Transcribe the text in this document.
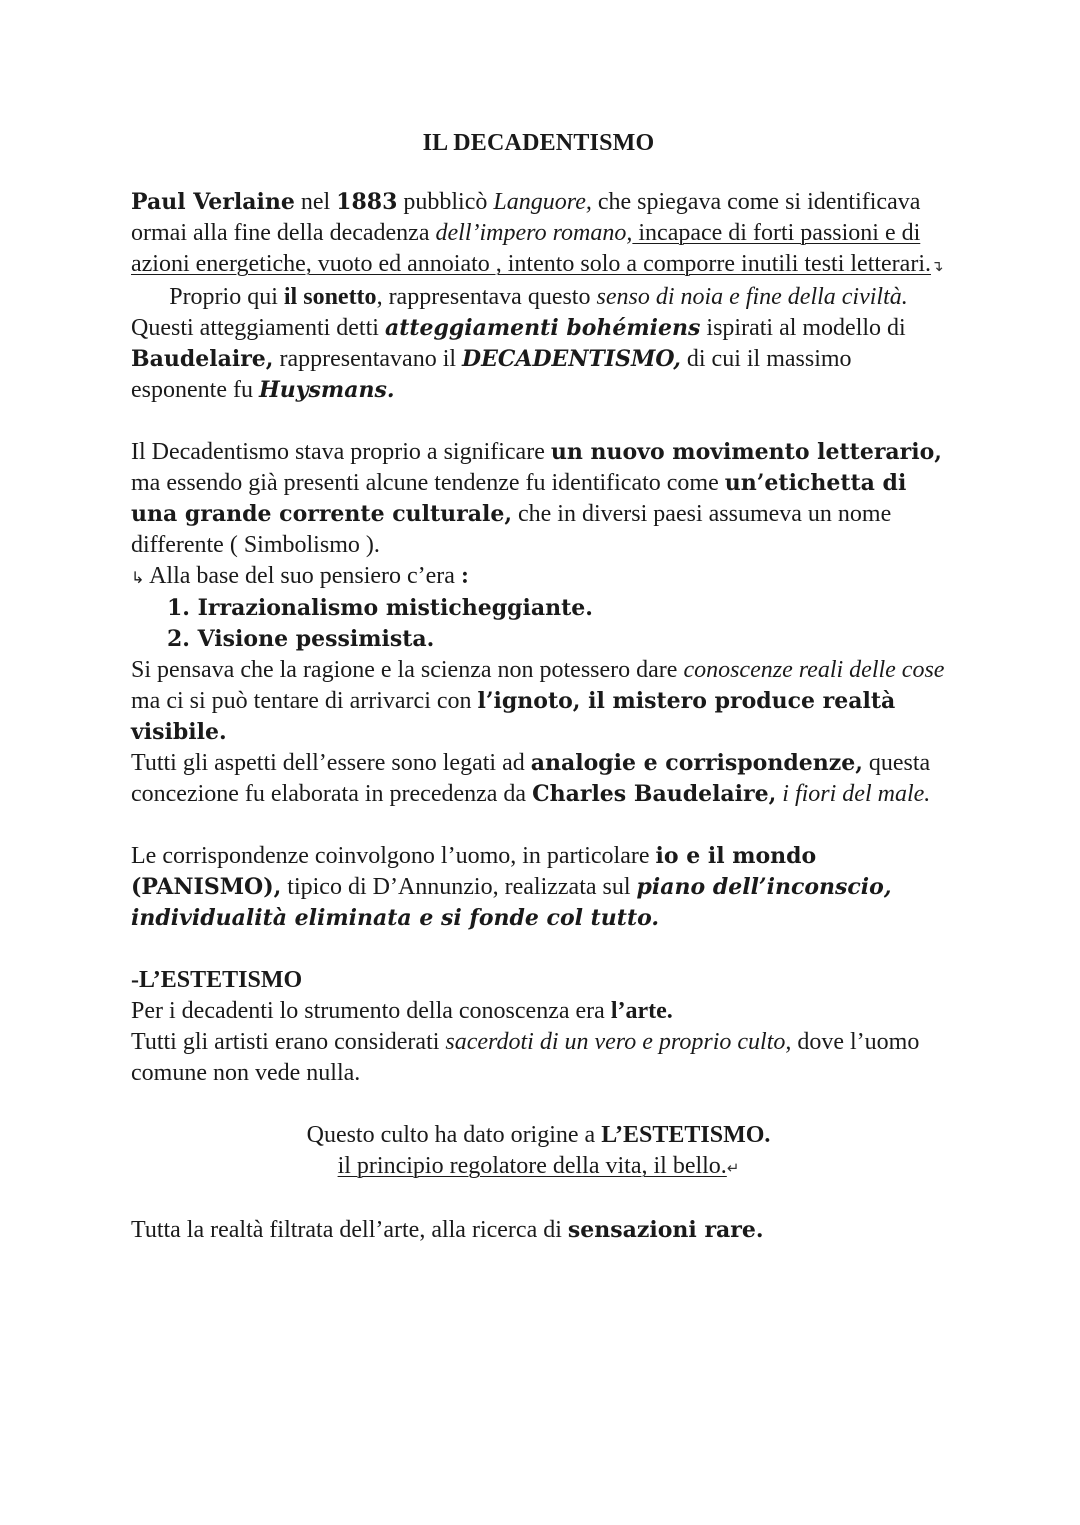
IL DECADENTISMO

Paul Verlaine nel 1883 pubblicò Languore, che spiegava come si identificava ormai alla fine della decadenza dell’impero romano, incapace di forti passioni e di azioni energetiche, vuoto ed annoiato , intento solo a comporre inutili testi letterari.↴

Proprio qui il sonetto, rappresentava questo senso di noia e fine della civiltà.

Questi atteggiamenti detti atteggiamenti bohémiens ispirati al modello di Baudelaire, rappresentavano il DECADENTISMO, di cui il massimo esponente fu Huysmans.

Il Decadentismo stava proprio a significare un nuovo movimento letterario, ma essendo già presenti alcune tendenze fu identificato come un’etichetta di una grande corrente culturale, che in diversi paesi assumeva un nome differente ( Simbolismo ).

↳ Alla base del suo pensiero c’era :

1. Irrazionalismo misticheggiante.
2. Visione pessimista.

Si pensava che la ragione e la scienza non potessero dare conoscenze reali delle cose ma ci si può tentare di arrivarci con l’ignoto, il mistero produce realtà visibile.

Tutti gli aspetti dell’essere sono legati ad analogie e corrispondenze, questa concezione fu elaborata in precedenza da Charles Baudelaire, i fiori del male.

Le corrispondenze coinvolgono l’uomo, in particolare io e il mondo (PANISMO), tipico di D’Annunzio, realizzata sul piano dell’inconscio, individualità eliminata e si fonde col tutto.

-L’ESTETISMO

Per i decadenti lo strumento della conoscenza era l’arte.

Tutti gli artisti erano considerati sacerdoti di un vero e proprio culto, dove l’uomo comune non vede nulla.

Questo culto ha dato origine a L’ESTETISMO.

il principio regolatore della vita, il bello.↵

Tutta la realtà filtrata dell’arte, alla ricerca di sensazioni rare.
